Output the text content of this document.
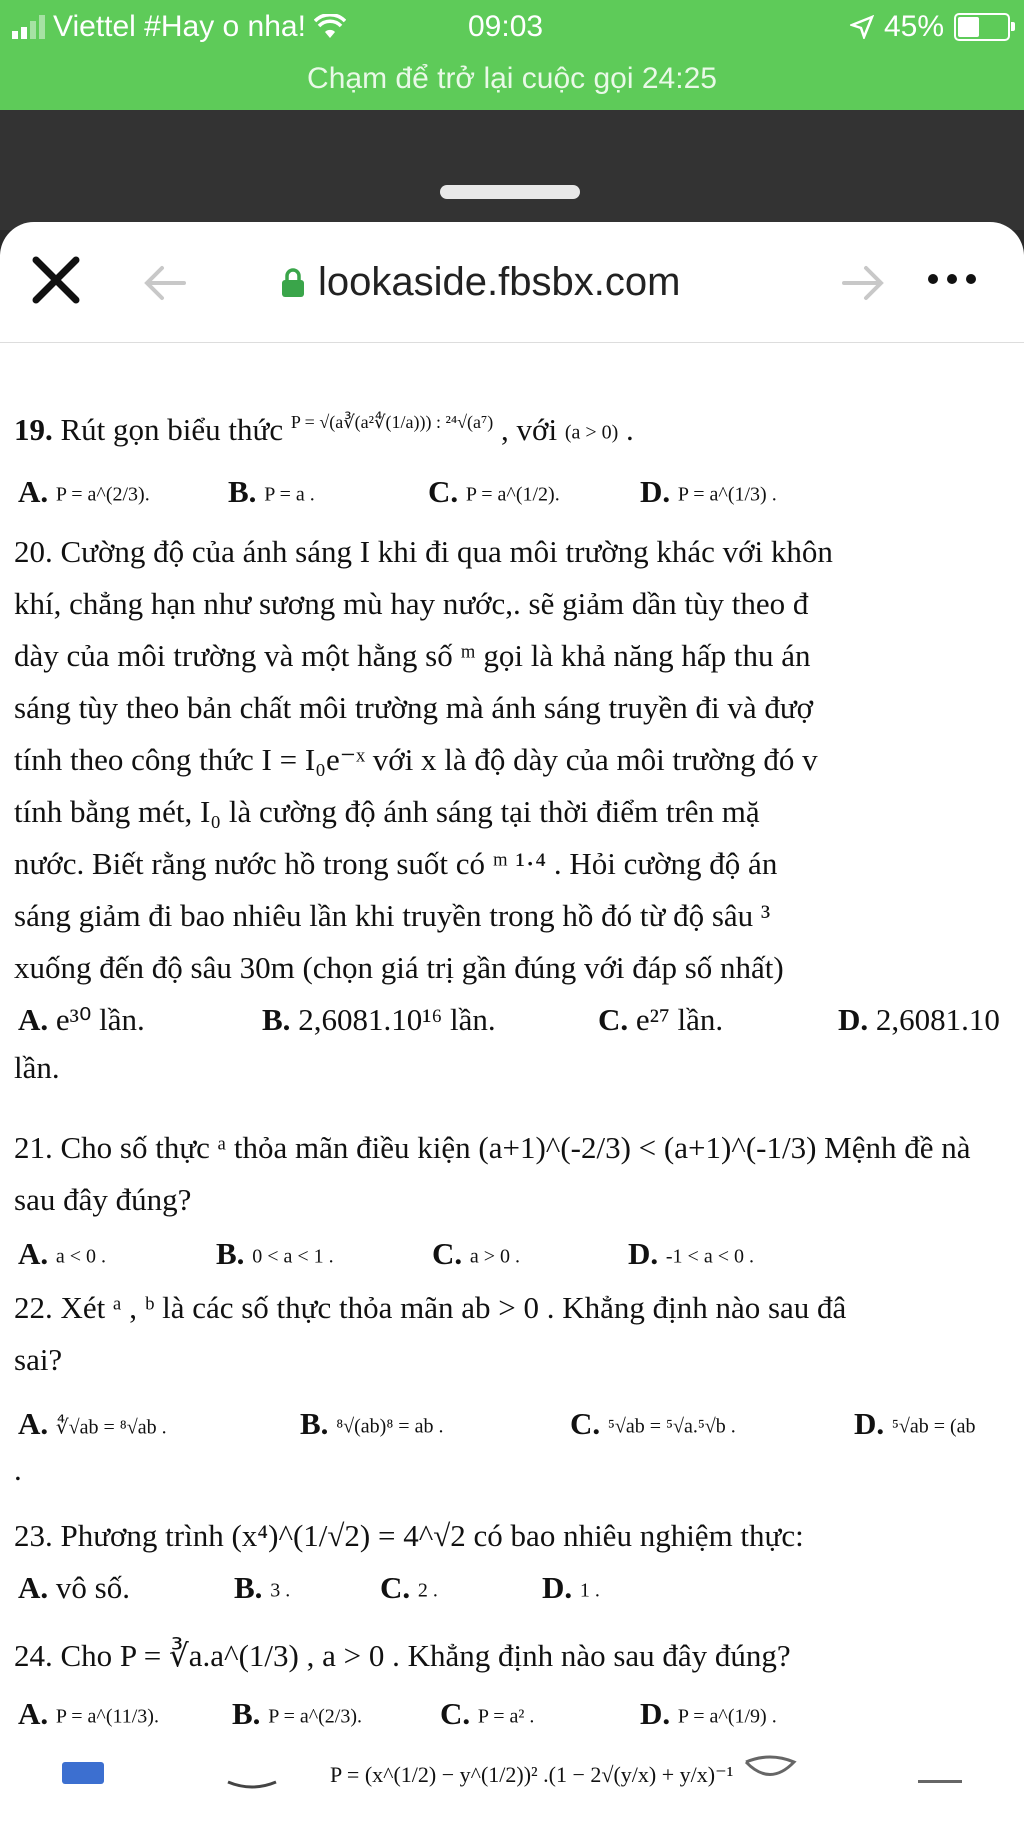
Viettel #Hay o nha!	09:03	45%
Chạm để trở lại cuộc gọi 24:25
lookaside.fbsbx.com
19. Rút gọn biểu thức $^{P = √(a∛(a^2∜(1/a))) : ^{24}√(a^7)}$ , với (a > 0) .
A. P = a^(2/3).	B. P = a .	C. P = a^(1/2).	D. P = a^(1/3) .
20. Cường độ của ánh sáng I khi đi qua môi trường khác với khôn
khí, chẳng hạn như sương mù hay nước,. sẽ giảm dần tùy theo đ
dày của môi trường và một hằng số ᵐ gọi là khả năng hấp thu án
sáng tùy theo bản chất môi trường mà ánh sáng truyền đi và đượ
tính theo công thức I = I₀e⁻ˣ với x là độ dày của môi trường đó v
tính bằng mét, I₀ là cường độ ánh sáng tại thời điểm trên mặ
nước. Biết rằng nước hồ trong suốt có ᵐ ¹·⁴ . Hỏi cường độ án
sáng giảm đi bao nhiêu lần khi truyền trong hồ đó từ độ sâu ³
xuống đến độ sâu 30m (chọn giá trị gần đúng với đáp số nhất)
A. e³⁰ lần.	B. 2,6081.10¹⁶ lần.	C. e²⁷ lần.	D. 2,6081.10
lần.
21. Cho số thực ᵃ thỏa mãn điều kiện (a+1)^(-2/3) < (a+1)^(-1/3) Mệnh đề nà
sau đây đúng?
A. a < 0 .	B. 0 < a < 1 .	C. a > 0 .	D. -1 < a < 0 .
22. Xét ᵃ , ᵇ là các số thực thỏa mãn ab > 0 . Khẳng định nào sau đâ
sai?
A. ∜√ab = ⁸√ab .	B. ⁸√(ab)⁸ = ab .	C. ⁵√ab = ⁵√a.⁵√b .	D. ⁵√ab = (ab
.
23. Phương trình (x⁴)^(1/√2) = 4^√2 có bao nhiêu nghiệm thực:
A. vô số.	B. 3 .	C. 2 .	D. 1 .
24. Cho P = ∛a.a^(1/3) , a > 0 . Khẳng định nào sau đây đúng?
A. P = a^(11/3). B. P = a^(2/3).	C. P = a² .	D. P = a^(1/9) .
P = (x^(1/2) − y^(1/2))² .(1 − 2√(y/x) + y/x)⁻¹
